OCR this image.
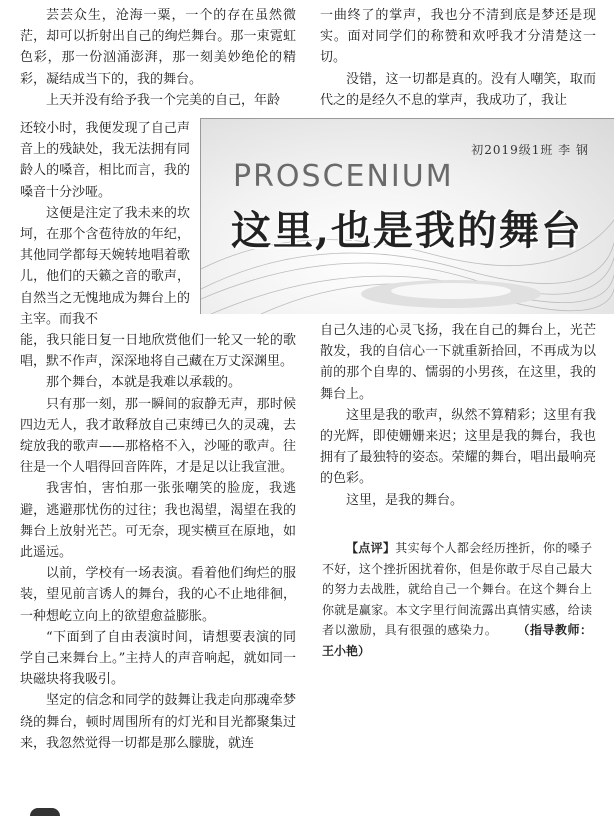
芸芸众生，沧海一粟，一个的存在虽然微茫，却可以折射出自己的绚烂舞台。那一束霓虹色彩，那一份汹涌澎湃，那一刻美妙绝伦的精彩，凝结成当下的，我的舞台。

上天并没有给予我一个完美的自己，年龄

还较小时，我便发现了自己声音上的残缺处，我无法拥有同龄人的嗓音，相比而言，我的嗓音十分沙哑。

这便是注定了我未来的坎坷，在那个含苞待放的年纪，其他同学都每天婉转地唱着歌儿，他们的天籁之音的歌声，自然当之无愧地成为舞台上的主宰。而我不

能，我只能日复一日地欣赏他们一轮又一轮的歌唱，默不作声，深深地将自己藏在万丈深渊里。

那个舞台，本就是我难以承载的。

只有那一刻，那一瞬间的寂静无声，那时候四边无人，我才敢释放自己束缚已久的灵魂，去绽放我的歌声——那格格不入，沙哑的歌声。往往是一个人唱得回音阵阵，才是足以让我宣泄。

我害怕，害怕那一张张嘲笑的脸庞，我逃避，逃避那忧伤的过往；我也渴望，渴望在我的舞台上放射光芒。可无奈，现实横亘在原地，如此遥远。

以前，学校有一场表演。看着他们绚烂的服装，望见前言诱人的舞台，我的心不止地徘徊，一种想屹立向上的欲望愈益膨胀。

“下面到了自由表演时间，请想要表演的同学自己来舞台上。”主持人的声音响起，就如同一块磁块将我吸引。

坚定的信念和同学的鼓舞让我走向那魂牵梦绕的舞台，顿时周围所有的灯光和目光都聚集过来，我忽然觉得一切都是那么朦胧，就连

一曲终了的掌声，我也分不清到底是梦还是现实。面对同学们的称赞和欢呼我才分清楚这一切。

没错，这一切都是真的。没有人嘲笑，取而代之的是经久不息的掌声，我成功了，我让

自己久违的心灵飞扬，我在自己的舞台上，光芒散发，我的自信心一下就重新拾回，不再成为以前的那个自卑的、懦弱的小男孩，在这里，我的舞台上。

这里是我的歌声，纵然不算精彩；这里有我的光辉，即使姗姗来迟；这里是我的舞台，我也拥有了最独特的姿态。荣耀的舞台，唱出最响亮的色彩。

这里，是我的舞台。

初2019级1班 李 钢
PROSCENIUM
这里,也是我的舞台
【点评】其实每个人都会经历挫折，你的嗓子不好，这个挫折困扰着你，但是你敢于尽自己最大的努力去战胜，就给自己一个舞台。在这个舞台上你就是赢家。本文字里行间流露出真情实感，给读者以激励，具有很强的感染力。 （指导教师：王小艳）
